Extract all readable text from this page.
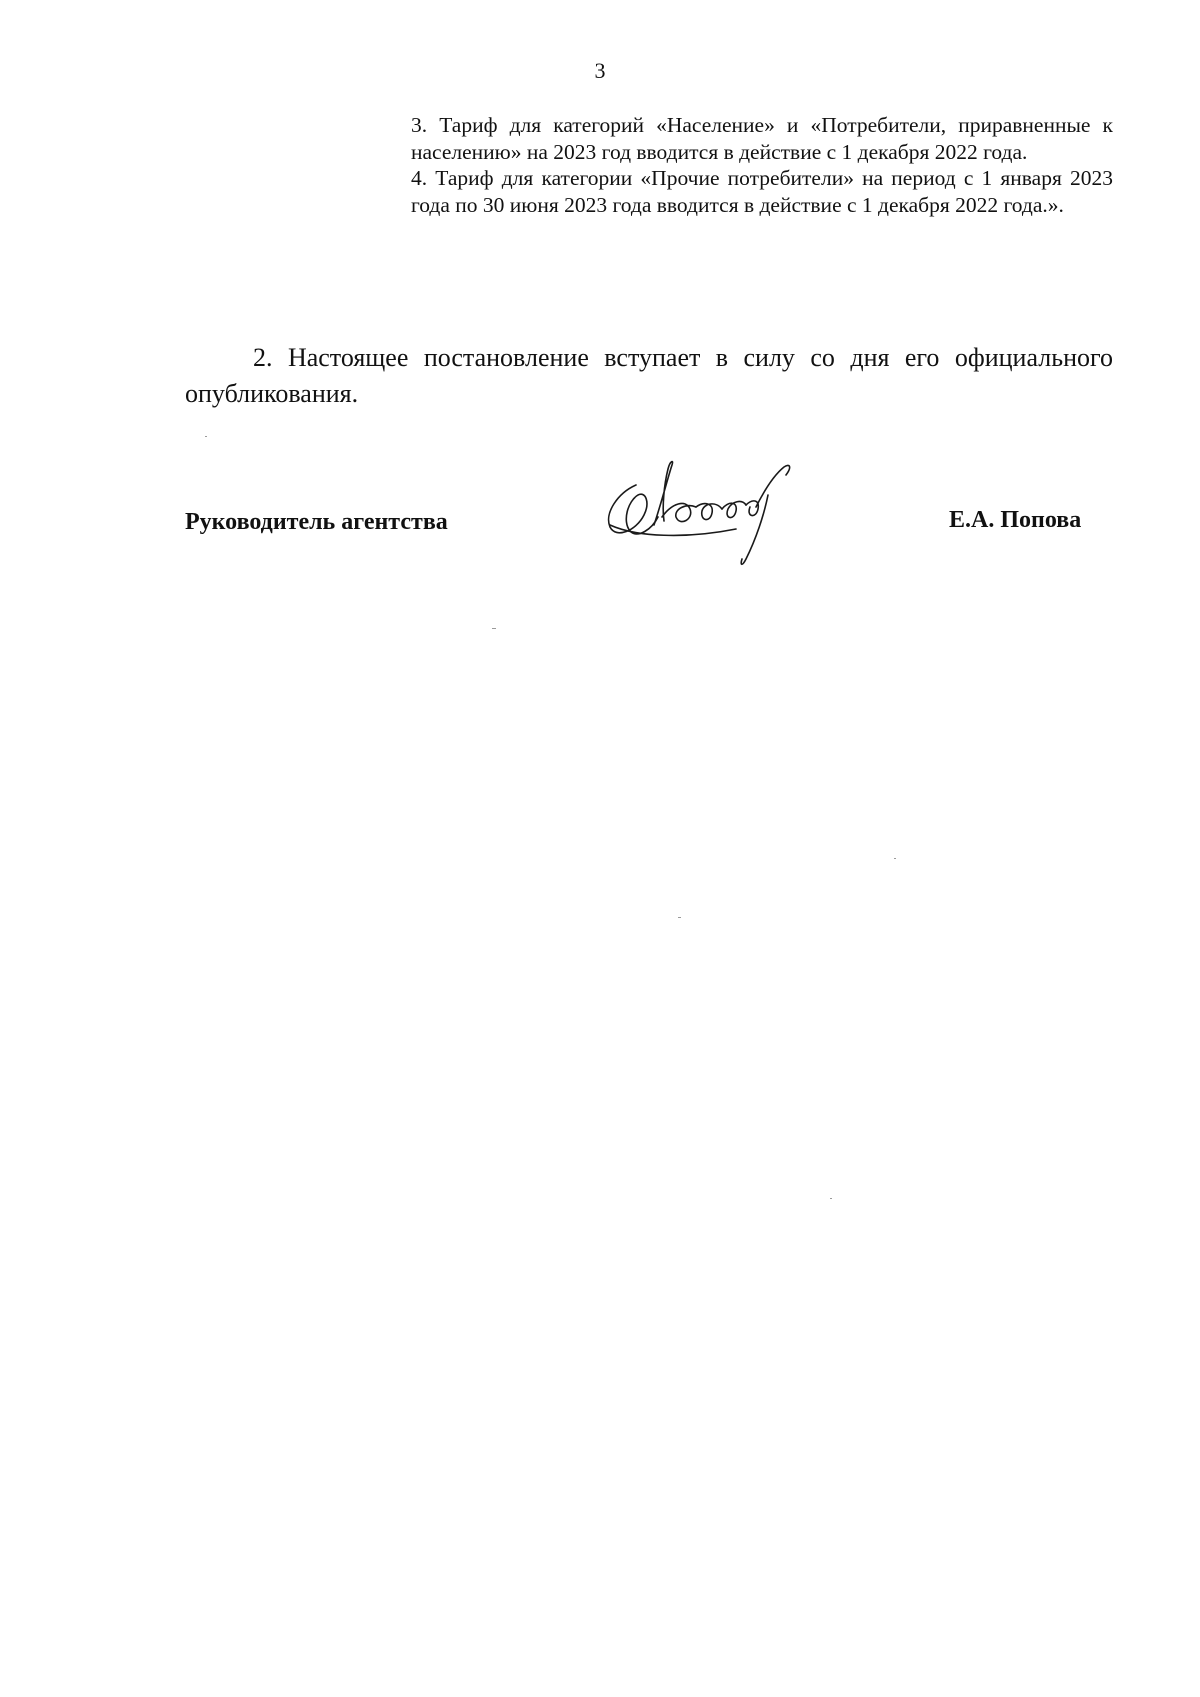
3

3. Тариф для категорий «Население» и «Потребители, приравненные к населению» на 2023 год вводится в действие с 1 декабря 2022 года.

4. Тариф для категории «Прочие потребители» на период с 1 января 2023 года по 30 июня 2023 года вводится в действие с 1 декабря 2022 года.».

2. Настоящее постановление вступает в силу со дня его официального опубликования.

Руководитель агентства	Е.А. Попова
